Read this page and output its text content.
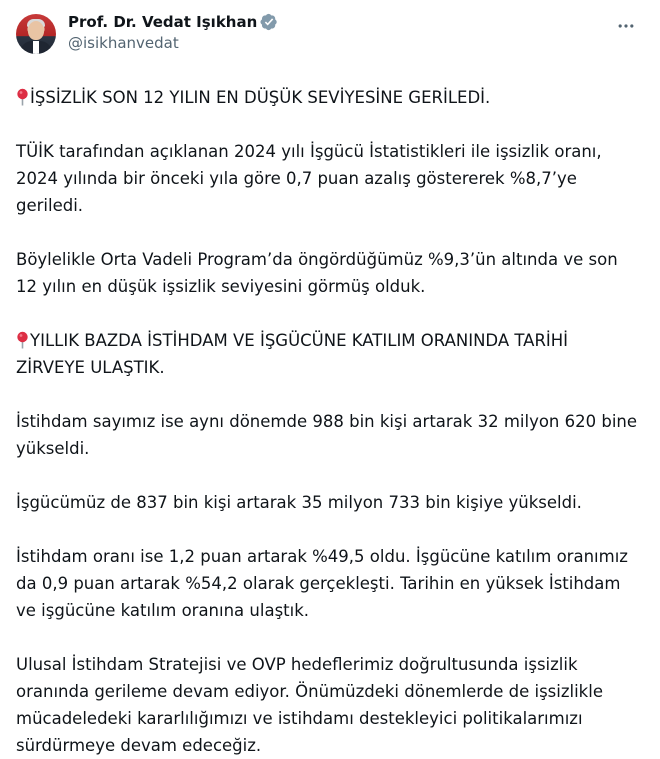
Prof. Dr. Vedat Işıkhan
@isikhanvedat
İŞSİZLİK SON 12 YILIN EN DÜŞÜK SEVİYESİNE GERİLEDİ.
TÜİK tarafından açıklanan 2024 yılı İşgücü İstatistikleri ile işsizlik oranı,
2024 yılında bir önceki yıla göre 0,7 puan azalış göstererek %8,7’ye
geriledi.
Böylelikle Orta Vadeli Program’da öngördüğümüz %9,3’ün altında ve son
12 yılın en düşük işsizlik seviyesini görmüş olduk.
YILLIK BAZDA İSTİHDAM VE İŞGÜCÜNE KATILIM ORANINDA TARİHİ
ZİRVEYE ULAŞTIK.
İstihdam sayımız ise aynı dönemde 988 bin kişi artarak 32 milyon 620 bine
yükseldi.
İşgücümüz de 837 bin kişi artarak 35 milyon 733 bin kişiye yükseldi.
İstihdam oranı ise 1,2 puan artarak %49,5 oldu. İşgücüne katılım oranımız
da 0,9 puan artarak %54,2 olarak gerçekleşti. Tarihin en yüksek İstihdam
ve işgücüne katılım oranına ulaştık.
Ulusal İstihdam Stratejisi ve OVP hedeflerimiz doğrultusunda işsizlik
oranında gerileme devam ediyor. Önümüzdeki dönemlerde de işsizlikle
mücadeledeki kararlılığımızı ve istihdamı destekleyici politikalarımızı
sürdürmeye devam edeceğiz.
